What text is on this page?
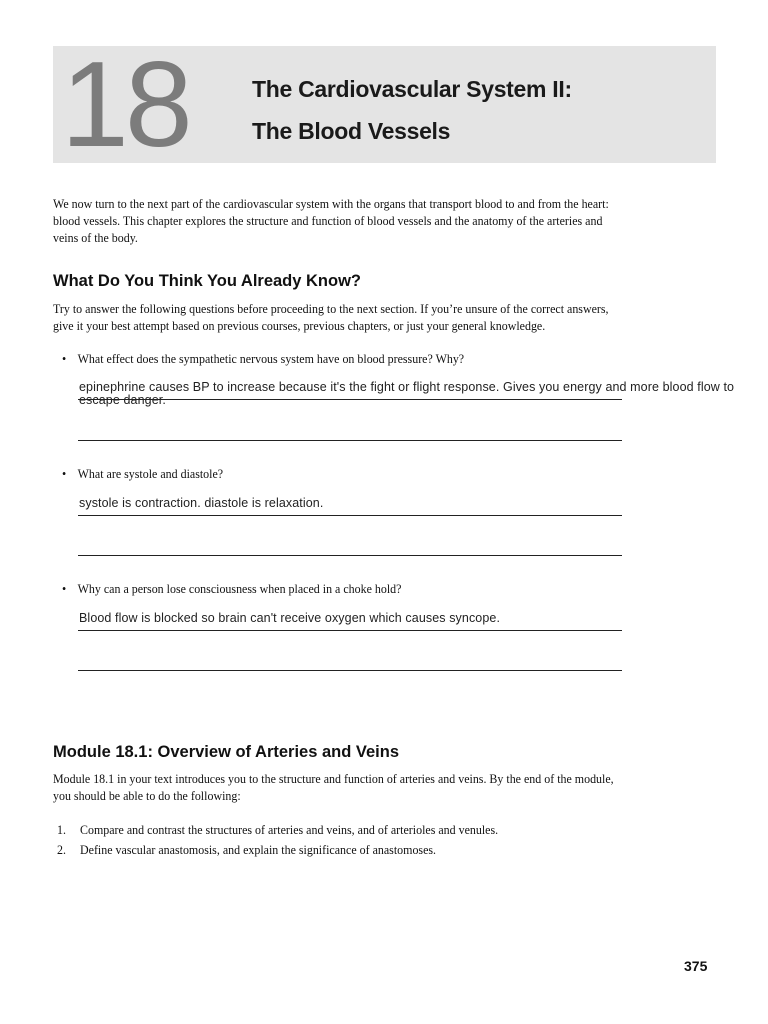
18	The Cardiovascular System II:
The Blood Vessels
We now turn to the next part of the cardiovascular system with the organs that transport blood to and from the heart: blood vessels. This chapter explores the structure and function of blood vessels and the anatomy of the arteries and veins of the body.
What Do You Think You Already Know?
Try to answer the following questions before proceeding to the next section. If you’re unsure of the correct answers, give it your best attempt based on previous courses, previous chapters, or just your general knowledge.
• What effect does the sympathetic nervous system have on blood pressure? Why?
epinephrine causes BP to increase because it's the fight or flight response. Gives you energy and more blood flow to escape danger.
• What are systole and diastole?
systole is contraction. diastole is relaxation.
• Why can a person lose consciousness when placed in a choke hold?
Blood flow is blocked so brain can't receive oxygen which causes syncope.
Module 18.1: Overview of Arteries and Veins
Module 18.1 in your text introduces you to the structure and function of arteries and veins. By the end of the module, you should be able to do the following:
1. Compare and contrast the structures of arteries and veins, and of arterioles and venules.
2. Define vascular anastomosis, and explain the significance of anastomoses.
375
